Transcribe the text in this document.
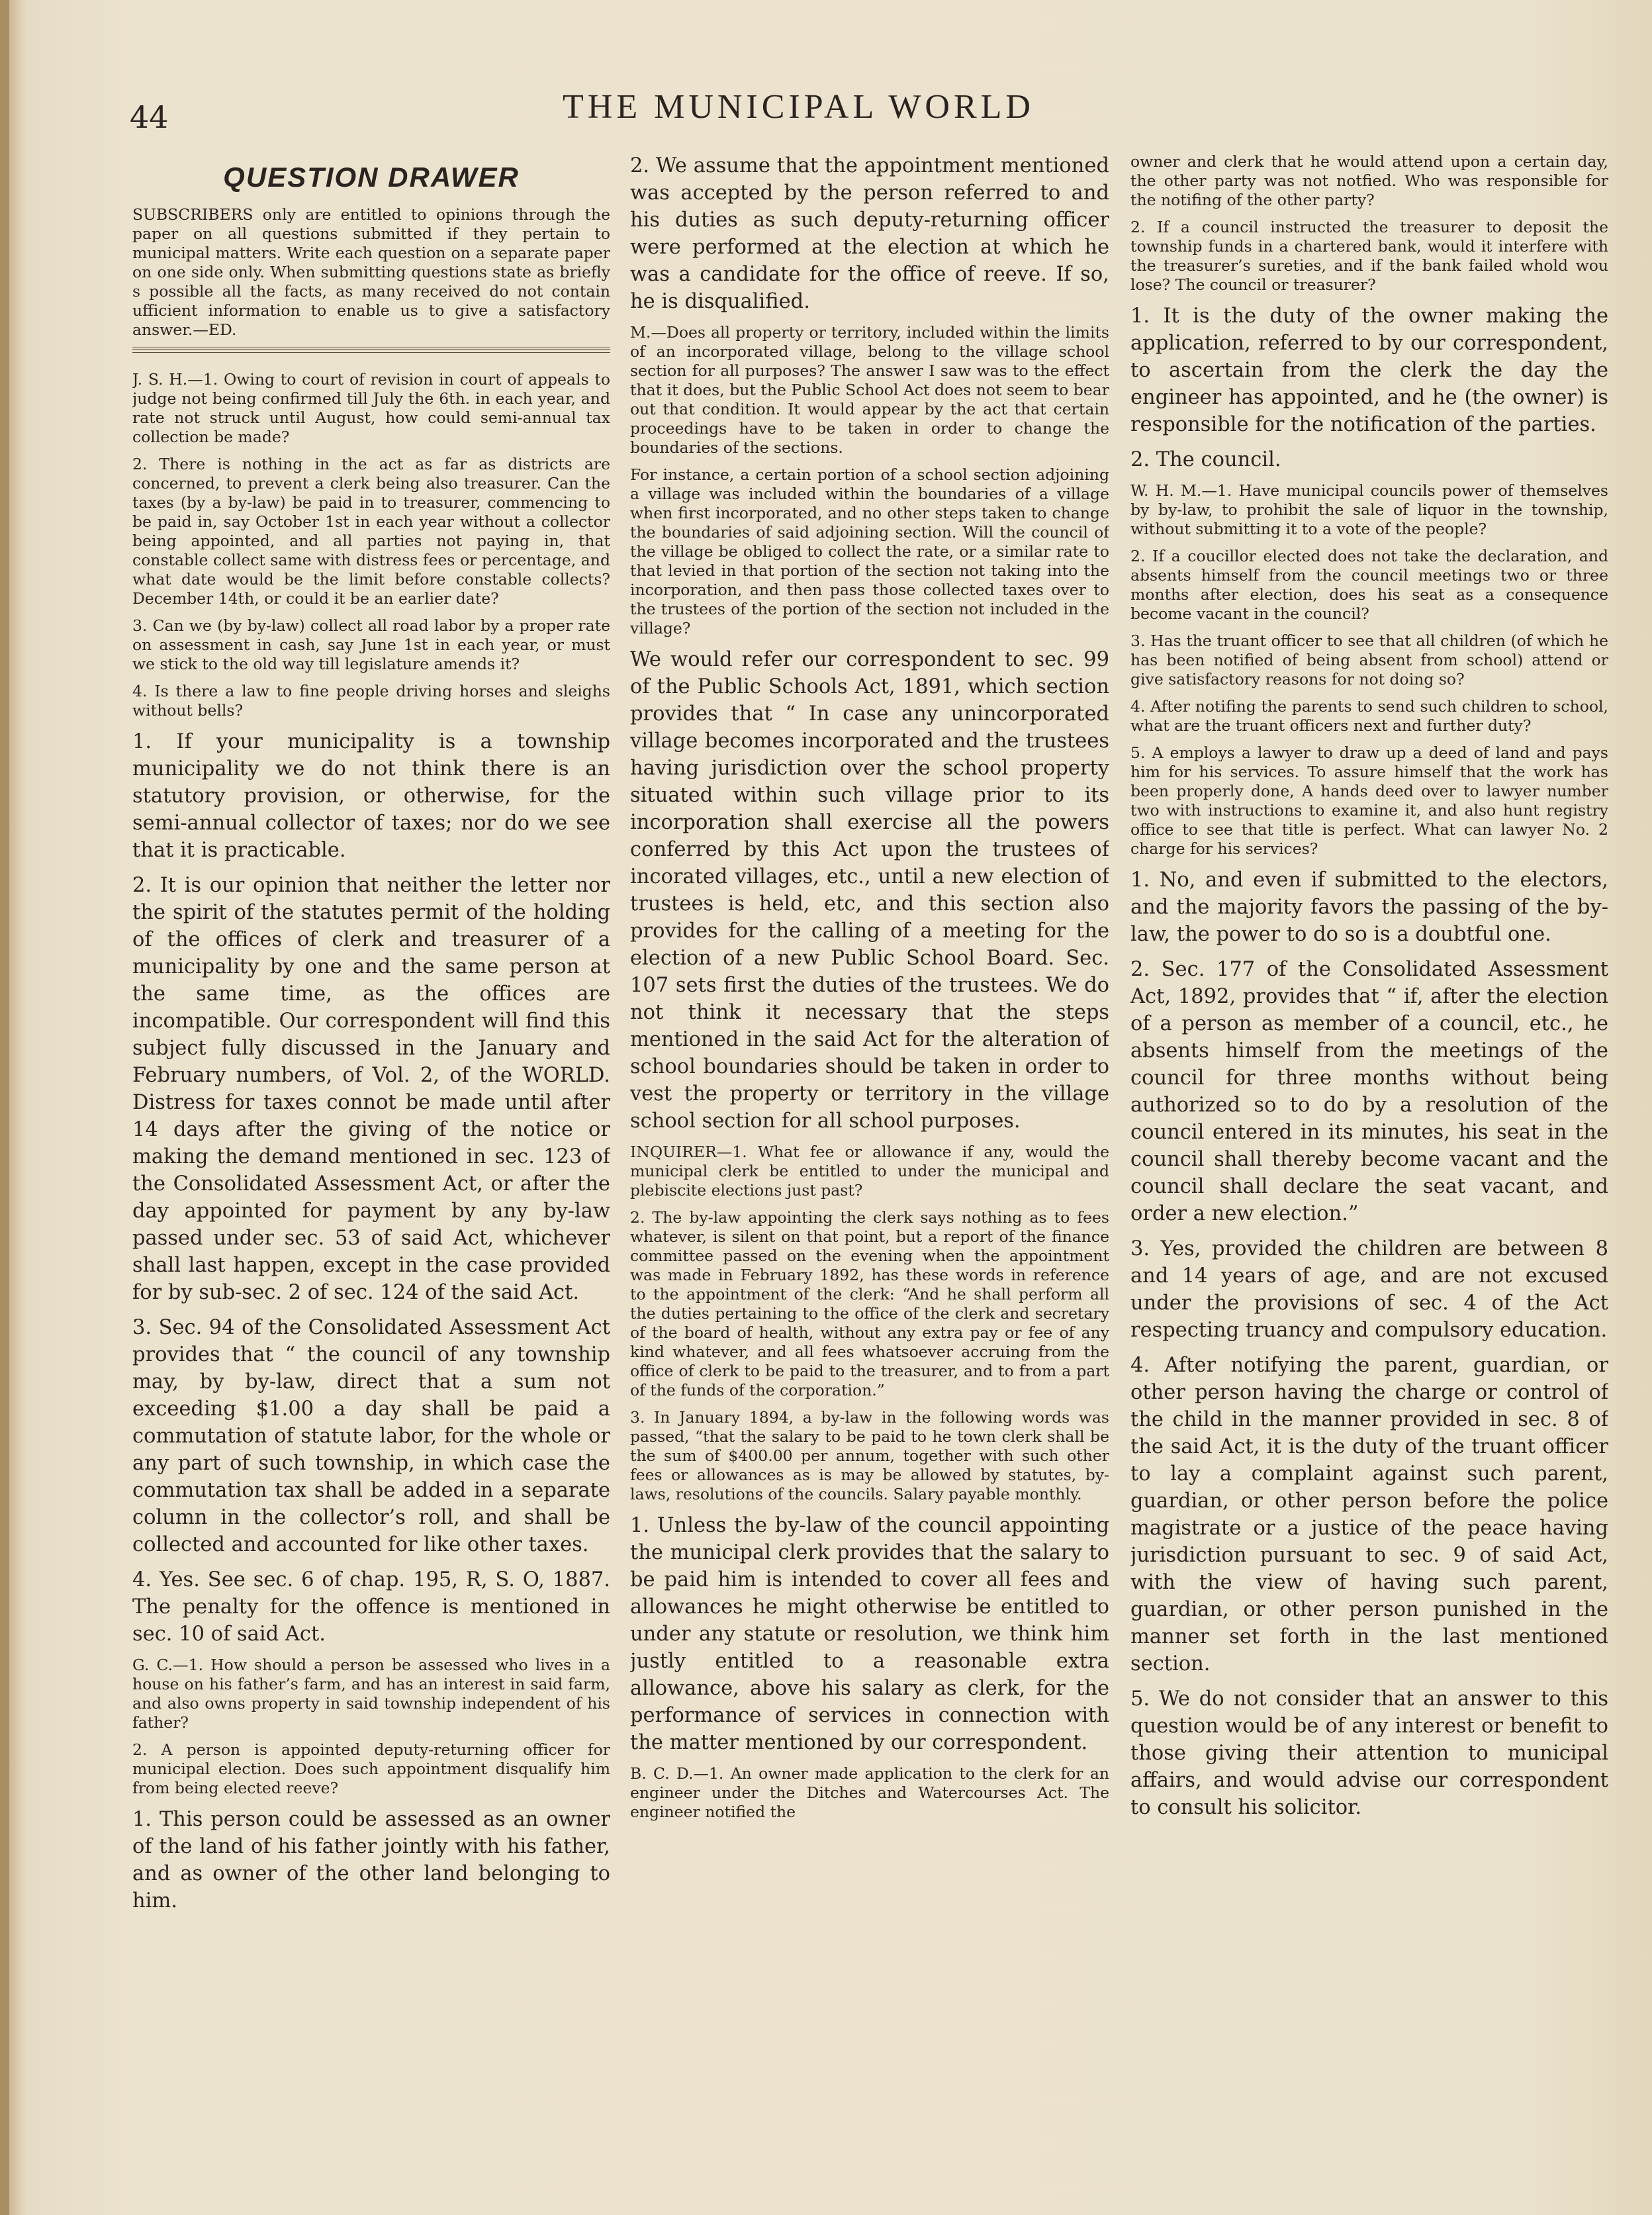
44	THE MUNICIPAL WORLD
QUESTION DRAWER

SUBSCRIBERS only are entitled to opinions through the paper on all questions submitted if they pertain to municipal matters. Write each question on a separate paper on one side only. When submitting questions state as briefly s possible all the facts, as many received do not contain ufficient information to enable us to give a satisfactory answer.—ED.

J. S. H.—1. Owing to court of revision in court of appeals to judge not being confirmed till July the 6th. in each year, and rate not struck until August, how could semi-annual tax collection be made?

2. There is nothing in the act as far as districts are concerned, to prevent a clerk being also treasurer. Can the taxes (by a by-law) be paid in to treasurer, commencing to be paid in, say October 1st in each year without a collector being appointed, and all parties not paying in, that constable collect same with distress fees or percentage, and what date would be the limit before constable collects? December 14th, or could it be an earlier date?

3. Can we (by by-law) collect all road labor by a proper rate on assessment in cash, say June 1st in each year, or must we stick to the old way till legislature amends it?

4. Is there a law to fine people driving horses and sleighs without bells?

1. If your municipality is a township municipality we do not think there is an statutory provision, or otherwise, for the semi-annual collector of taxes; nor do we see that it is practicable.

2. It is our opinion that neither the letter nor the spirit of the statutes permit of the holding of the offices of clerk and treasurer of a municipality by one and the same person at the same time, as the offices are incompatible. Our correspondent will find this subject fully discussed in the January and February numbers, of Vol. 2, of the WORLD. Distress for taxes connot be made until after 14 days after the giving of the notice or making the demand mentioned in sec. 123 of the Consolidated Assessment Act, or after the day appointed for payment by any by-law passed under sec. 53 of said Act, whichever shall last happen, except in the case provided for by sub-sec. 2 of sec. 124 of the said Act.

3. Sec. 94 of the Consolidated Assessment Act provides that “ the council of any township may, by by-law, direct that a sum not exceeding $1.00 a day shall be paid a commutation of statute labor, for the whole or any part of such township, in which case the commutation tax shall be added in a separate column in the collector’s roll, and shall be collected and accounted for like other taxes.

4. Yes. See sec. 6 of chap. 195, R, S. O, 1887. The penalty for the offence is mentioned in sec. 10 of said Act.

G. C.—1. How should a person be assessed who lives in a house on his father’s farm, and has an interest in said farm, and also owns property in said township independent of his father?

2. A person is appointed deputy-returning officer for municipal election. Does such appointment disqualify him from being elected reeve?

1. This person could be assessed as an owner of the land of his father jointly with his father, and as owner of the other land belonging to him.

2. We assume that the appointment mentioned was accepted by the person referred to and his duties as such deputy-returning officer were performed at the election at which he was a candidate for the office of reeve. If so, he is disqualified.

M.—Does all property or territory, included within the limits of an incorporated village, belong to the village school section for all purposes? The answer I saw was to the effect that it does, but the Public School Act does not seem to bear out that condition. It would appear by the act that certain proceedings have to be taken in order to change the boundaries of the sections.

For instance, a certain portion of a school section adjoining a village was included within the boundaries of a village when first incorporated, and no other steps taken to change the boundaries of said adjoining section. Will the council of the village be obliged to collect the rate, or a similar rate to that levied in that portion of the section not taking into the incorporation, and then pass those collected taxes over to the trustees of the portion of the section not included in the village?

We would refer our correspondent to sec. 99 of the Public Schools Act, 1891, which section provides that “ In case any unincorporated village becomes incorporated and the trustees having jurisdiction over the school property situated within such village prior to its incorporation shall exercise all the powers conferred by this Act upon the trustees of incorated villages, etc., until a new election of trustees is held, etc, and this section also provides for the calling of a meeting for the election of a new Public School Board. Sec. 107 sets first the duties of the trustees. We do not think it necessary that the steps mentioned in the said Act for the alteration of school boundaries should be taken in order to vest the property or territory in the village school section for all school purposes.

INQUIRER—1. What fee or allowance if any, would the municipal clerk be entitled to under the municipal and plebiscite elections just past?

2. The by-law appointing the clerk says nothing as to fees whatever, is silent on that point, but a report of the finance committee passed on the evening when the appointment was made in February 1892, has these words in reference to the appointment of the clerk: “And he shall perform all the duties pertaining to the office of the clerk and secretary of the board of health, without any extra pay or fee of any kind whatever, and all fees whatsoever accruing from the office of clerk to be paid to the treasurer, and to from a part of the funds of the corporation.”

3. In January 1894, a by-law in the following words was passed, “that the salary to be paid to he town clerk shall be the sum of $400.00 per annum, together with such other fees or allowances as is may be allowed by statutes, by-laws, resolutions of the councils. Salary payable monthly.

1. Unless the by-law of the council appointing the municipal clerk provides that the salary to be paid him is intended to cover all fees and allowances he might otherwise be entitled to under any statute or resolution, we think him justly entitled to a reasonable extra allowance, above his salary as clerk, for the performance of services in connection with the matter mentioned by our correspondent.

B. C. D.—1. An owner made application to the clerk for an engineer under the Ditches and Watercourses Act. The engineer notified the

owner and clerk that he would attend upon a certain day, the other party was not notfied. Who was responsible for the notifing of the other party?

2. If a council instructed the treasurer to deposit the township funds in a chartered bank, would it interfere with the treasurer’s sureties, and if the bank failed whold wou lose? The council or treasurer?

1. It is the duty of the owner making the application, referred to by our correspondent, to ascertain from the clerk the day the engineer has appointed, and he (the owner) is responsible for the notification of the parties.

2. The council.

W. H. M.—1. Have municipal councils power of themselves by by-law, to prohibit the sale of liquor in the township, without submitting it to a vote of the people?

2. If a coucillor elected does not take the declaration, and absents himself from the council meetings two or three months after election, does his seat as a consequence become vacant in the council?

3. Has the truant officer to see that all children (of which he has been notified of being absent from school) attend or give satisfactory reasons for not doing so?

4. After notifing the parents to send such children to school, what are the truant officers next and further duty?

5. A employs a lawyer to draw up a deed of land and pays him for his services. To assure himself that the work has been properly done, A hands deed over to lawyer number two with instructions to examine it, and also hunt registry office to see that title is perfect. What can lawyer No. 2 charge for his services?

1. No, and even if submitted to the electors, and the majority favors the passing of the by-law, the power to do so is a doubtful one.

2. Sec. 177 of the Consolidated Assessment Act, 1892, provides that “ if, after the election of a person as member of a council, etc., he absents himself from the meetings of the council for three months without being authorized so to do by a resolution of the council entered in its minutes, his seat in the council shall thereby become vacant and the council shall declare the seat vacant, and order a new election.”

3. Yes, provided the children are between 8 and 14 years of age, and are not excused under the provisions of sec. 4 of the Act respecting truancy and compulsory education.

4. After notifying the parent, guardian, or other person having the charge or control of the child in the manner provided in sec. 8 of the said Act, it is the duty of the truant officer to lay a complaint against such parent, guardian, or other person before the police magistrate or a justice of the peace having jurisdiction pursuant to sec. 9 of said Act, with the view of having such parent, guardian, or other person punished in the manner set forth in the last mentioned section.

5. We do not consider that an answer to this question would be of any interest or benefit to those giving their attention to municipal affairs, and would advise our correspondent to consult his solicitor.
